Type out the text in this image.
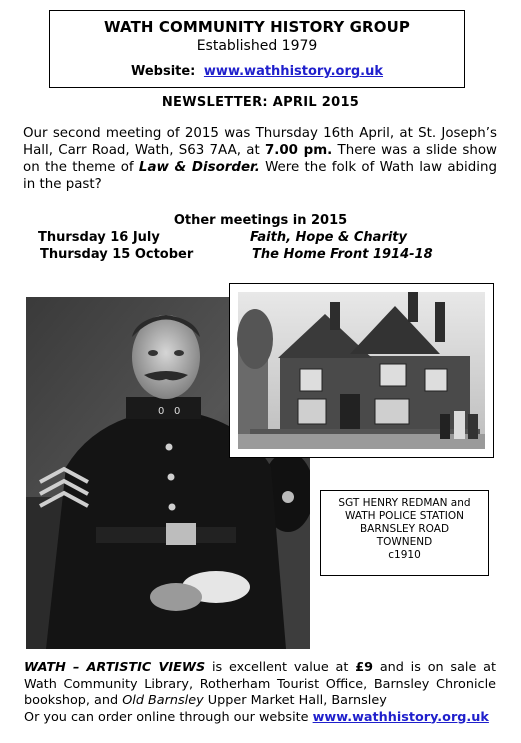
WATH COMMUNITY HISTORY GROUP
Established 1979
Website: www.wathhistory.org.uk
NEWSLETTER: APRIL 2015
Our second meeting of 2015 was Thursday 16th April, at St. Joseph’s Hall, Carr Road, Wath, S63 7AA, at 7.00 pm. There was a slide show on the theme of Law & Disorder. Were the folk of Wath law abiding in the past?
Other meetings in 2015
Thursday 16 July	Faith, Hope & Charity
Thursday 15 October	The Home Front 1914-18
0 0
SGT HENRY REDMAN and
WATH POLICE STATION
BARNSLEY ROAD
TOWNEND
c1910
WATH – ARTISTIC VIEWS is excellent value at £9 and is on sale at Wath Community Library, Rotherham Tourist Office, Barnsley Chronicle bookshop, and Old Barnsley Upper Market Hall, Barnsley
Or you can order online through our website www.wathhistory.org.uk
